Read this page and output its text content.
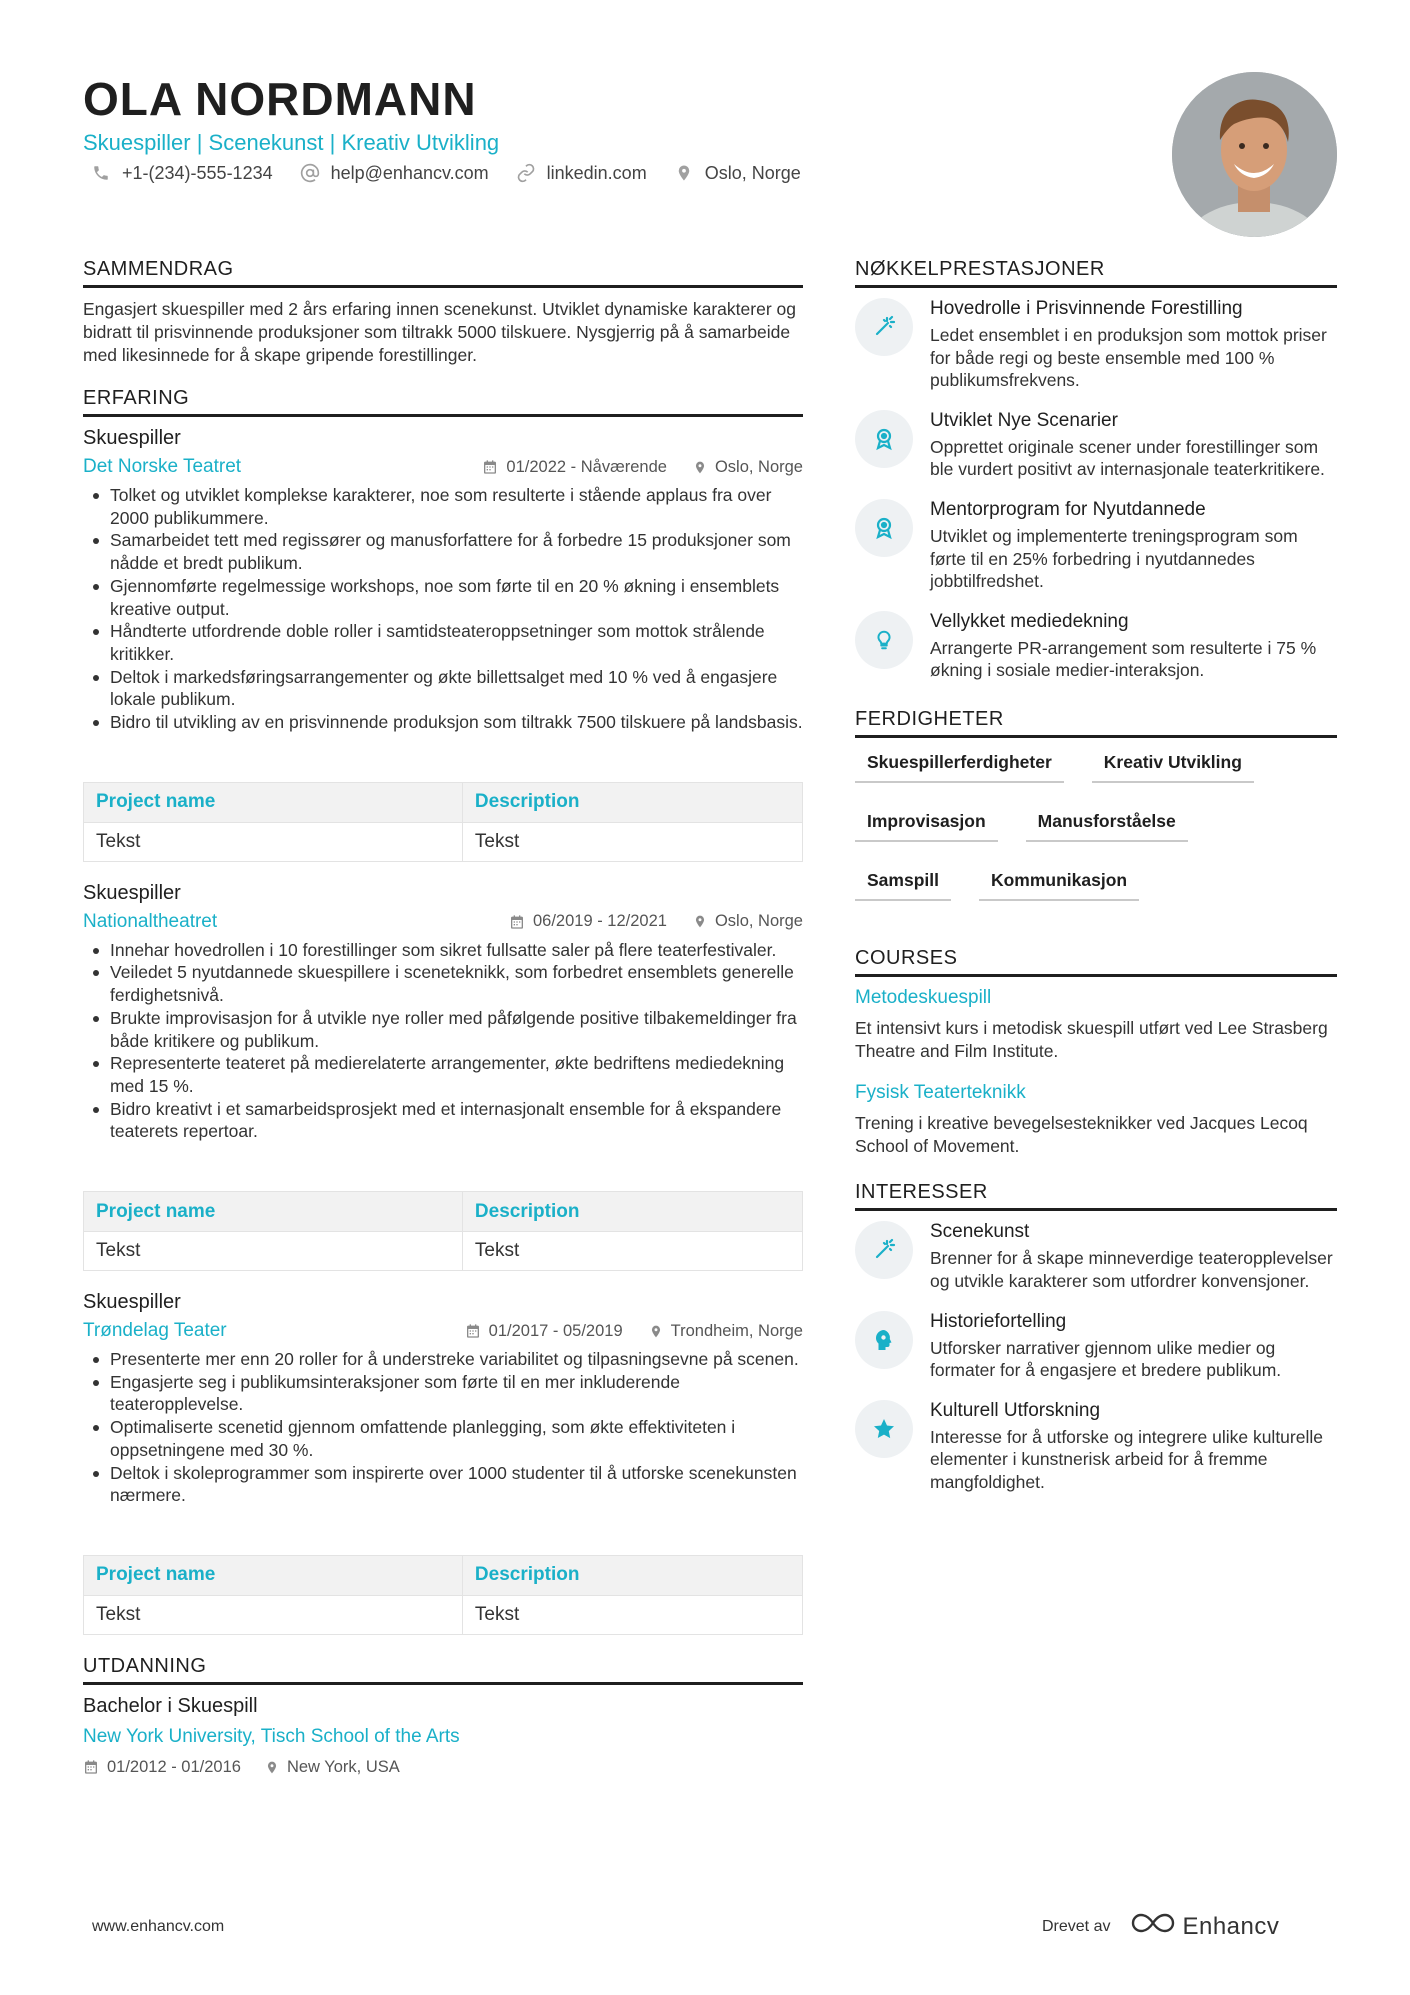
OLA NORDMANN
Skuespiller | Scenekunst | Kreativ Utvikling
+1-(234)-555-1234	help@enhancv.com	linkedin.com	Oslo, Norge
SAMMENDRAG
Engasjert skuespiller med 2 års erfaring innen scenekunst. Utviklet dynamiske karakterer og bidratt til prisvinnende produksjoner som tiltrakk 5000 tilskuere. Nysgjerrig på å samarbeide med likesinnede for å skape gripende forestillinger.
ERFARING
Skuespiller
Det Norske Teatret	01/2022 - Nåværende	Oslo, Norge
Tolket og utviklet komplekse karakterer, noe som resulterte i stående applaus fra over 2000 publikummere.
Samarbeidet tett med regissører og manusforfattere for å forbedre 15 produksjoner som nådde et bredt publikum.
Gjennomførte regelmessige workshops, noe som førte til en 20 % økning i ensemblets kreative output.
Håndterte utfordrende doble roller i samtidsteateroppsetninger som mottok strålende kritikker.
Deltok i markedsføringsarrangementer og økte billettsalget med 10 % ved å engasjere lokale publikum.
Bidro til utvikling av en prisvinnende produksjon som tiltrakk 7500 tilskuere på landsbasis.
Project name	Description
Tekst	Tekst
Skuespiller
Nationaltheatret	06/2019 - 12/2021	Oslo, Norge
Innehar hovedrollen i 10 forestillinger som sikret fullsatte saler på flere teaterfestivaler.
Veiledet 5 nyutdannede skuespillere i sceneteknikk, som forbedret ensemblets generelle ferdighetsnivå.
Brukte improvisasjon for å utvikle nye roller med påfølgende positive tilbakemeldinger fra både kritikere og publikum.
Representerte teateret på medierelaterte arrangementer, økte bedriftens mediedekning med 15 %.
Bidro kreativt i et samarbeidsprosjekt med et internasjonalt ensemble for å ekspandere teaterets repertoar.
Project name	Description
Tekst	Tekst
Skuespiller
Trøndelag Teater	01/2017 - 05/2019	Trondheim, Norge
Presenterte mer enn 20 roller for å understreke variabilitet og tilpasningsevne på scenen.
Engasjerte seg i publikumsinteraksjoner som førte til en mer inkluderende teateropplevelse.
Optimaliserte scenetid gjennom omfattende planlegging, som økte effektiviteten i oppsetningene med 30 %.
Deltok i skoleprogrammer som inspirerte over 1000 studenter til å utforske scenekunsten nærmere.
Project name	Description
Tekst	Tekst
UTDANNING
Bachelor i Skuespill
New York University, Tisch School of the Arts
01/2012 - 01/2016	New York, USA
NØKKELPRESTASJONER
Hovedrolle i Prisvinnende Forestilling
Ledet ensemblet i en produksjon som mottok priser for både regi og beste ensemble med 100 % publikumsfrekvens.
Utviklet Nye Scenarier
Opprettet originale scener under forestillinger som ble vurdert positivt av internasjonale teaterkritikere.
Mentorprogram for Nyutdannede
Utviklet og implementerte treningsprogram som førte til en 25% forbedring i nyutdannedes jobbtilfredshet.
Vellykket mediedekning
Arrangerte PR-arrangement som resulterte i 75 % økning i sosiale medier-interaksjon.
FERDIGHETER
Skuespillerferdigheter	Kreativ Utvikling
Improvisasjon	Manusforståelse
Samspill	Kommunikasjon
COURSES
Metodeskuespill
Et intensivt kurs i metodisk skuespill utført ved Lee Strasberg Theatre and Film Institute.
Fysisk Teaterteknikk
Trening i kreative bevegelsesteknikker ved Jacques Lecoq School of Movement.
INTERESSER
Scenekunst
Brenner for å skape minneverdige teateropplevelser og utvikle karakterer som utfordrer konvensjoner.
Historiefortelling
Utforsker narrativer gjennom ulike medier og formater for å engasjere et bredere publikum.
Kulturell Utforskning
Interesse for å utforske og integrere ulike kulturelle elementer i kunstnerisk arbeid for å fremme mangfoldighet.
www.enhancv.com	Drevet av	Enhancv
